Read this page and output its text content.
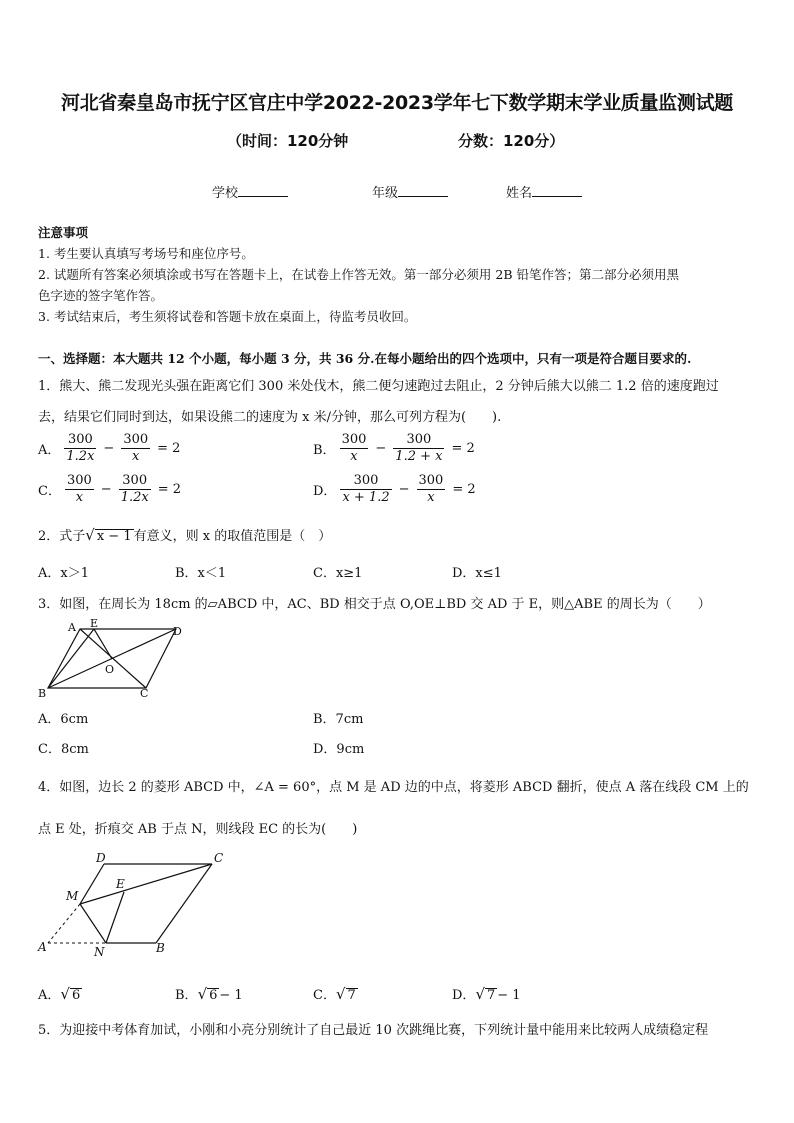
河北省秦皇岛市抚宁区官庄中学2022-2023学年七下数学期末学业质量监测试题
（时间：120分钟	分数：120分）
学校	年级	姓名
注意事项
1. 考生要认真填写考场号和座位序号。
2. 试题所有答案必须填涂或书写在答题卡上，在试卷上作答无效。第一部分必须用 2B 铅笔作答；第二部分必须用黑
色字迹的签字笔作答。
3. 考试结束后，考生须将试卷和答题卡放在桌面上，待监考员收回。
一、选择题：本大题共 12 个小题，每小题 3 分，共 36 分.在每小题给出的四个选项中，只有一项是符合题目要求的.
1．熊大、熊二发现光头强在距离它们 300 米处伐木，熊二便匀速跑过去阻止，2 分钟后熊大以熊二 1.2 倍的速度跑过
去，结果它们同时到达，如果设熊二的速度为 x 米/分钟，那么可列方程为(　　).
A． $\frac{300}{1.2x} - \frac{300}{x} = 2$	B． $\frac{300}{x} - \frac{300}{1.2 + x} = 2$
C． $\frac{300}{x} - \frac{300}{1.2x} = 2$	D． $\frac{300}{x + 1.2} - \frac{300}{x} = 2$
2．式子√ x − 1 有意义，则 x 的取值范围是（　）
A．x＞1	B．x＜1	C．x≥1	D．x≤1
3．如图，在周长为 18cm 的▱ABCD 中，AC、BD 相交于点 O,OE⊥BD 交 AD 于 E，则△ABE 的周长为（　　）
A E
D
O
B	C
A．6cm	B．7cm
C．8cm	D．9cm
4．如图，边长 2 的菱形 ABCD 中，∠A = 60°，点 M 是 AD 边的中点，将菱形 ABCD 翻折，使点 A 落在线段 CM 上的
点 E 处，折痕交 AB 于点 N，则线段 EC 的长为(　　)
D	C
M
E
A	N	B
A．√ 6	B．√ 6 − 1	C．√ 7	D．√ 7 − 1
5．为迎接中考体育加试，小刚和小亮分别统计了自己最近 10 次跳绳比赛，下列统计量中能用来比较两人成绩稳定程
